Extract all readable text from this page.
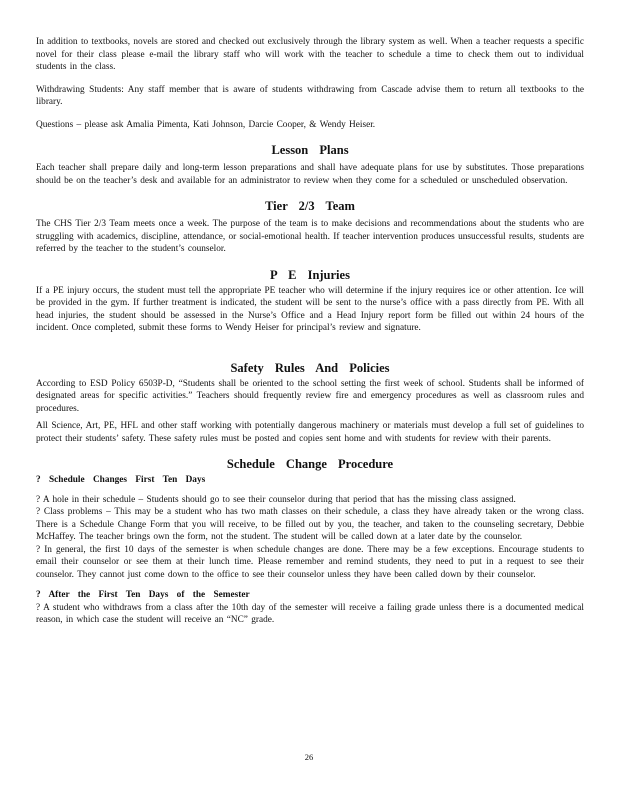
In addition to textbooks, novels are stored and checked out exclusively through the library system as well. When a teacher requests a specific novel for their class please e-mail the library staff who will work with the teacher to schedule a time to check them out to individual students in the class.

Withdrawing Students: Any staff member that is aware of students withdrawing from Cascade advise them to return all textbooks to the library.

Questions – please ask Amalia Pimenta, Kati Johnson, Darcie Cooper, & Wendy Heiser.

Lesson Plans

Each teacher shall prepare daily and long-term lesson preparations and shall have adequate plans for use by substitutes. Those preparations should be on the teacher’s desk and available for an administrator to review when they come for a scheduled or unscheduled observation.

Tier 2/3 Team

The CHS Tier 2/3 Team meets once a week. The purpose of the team is to make decisions and recommendations about the students who are struggling with academics, discipline, attendance, or social-emotional health. If teacher intervention produces unsuccessful results, students are referred by the teacher to the student’s counselor.

P E Injuries

If a PE injury occurs, the student must tell the appropriate PE teacher who will determine if the injury requires ice or other attention. Ice will be provided in the gym. If further treatment is indicated, the student will be sent to the nurse’s office with a pass directly from PE. With all head injuries, the student should be assessed in the Nurse’s Office and a Head Injury report form be filled out within 24 hours of the incident. Once completed, submit these forms to Wendy Heiser for principal’s review and signature.

Safety Rules And Policies

According to ESD Policy 6503P-D, “Students shall be oriented to the school setting the first week of school. Students shall be informed of designated areas for specific activities.” Teachers should frequently review fire and emergency procedures as well as classroom rules and procedures.

All Science, Art, PE, HFL and other staff working with potentially dangerous machinery or materials must develop a full set of guidelines to protect their students’ safety. These safety rules must be posted and copies sent home and with students for review with their parents.

Schedule Change Procedure

? Schedule Changes First Ten Days

? A hole in their schedule – Students should go to see their counselor during that period that has the missing class assigned.

? Class problems – This may be a student who has two math classes on their schedule, a class they have already taken or the wrong class. There is a Schedule Change Form that you will receive, to be filled out by you, the teacher, and taken to the counseling secretary, Debbie McHaffey. The teacher brings own the form, not the student. The student will be called down at a later date by the counselor.

? In general, the first 10 days of the semester is when schedule changes are done. There may be a few exceptions. Encourage students to email their counselor or see them at their lunch time. Please remember and remind students, they need to put in a request to see their counselor. They cannot just come down to the office to see their counselor unless they have been called down by their counselor.

? After the First Ten Days of the Semester

? A student who withdraws from a class after the 10th day of the semester will receive a failing grade unless there is a documented medical reason, in which case the student will receive an “NC” grade.

26
